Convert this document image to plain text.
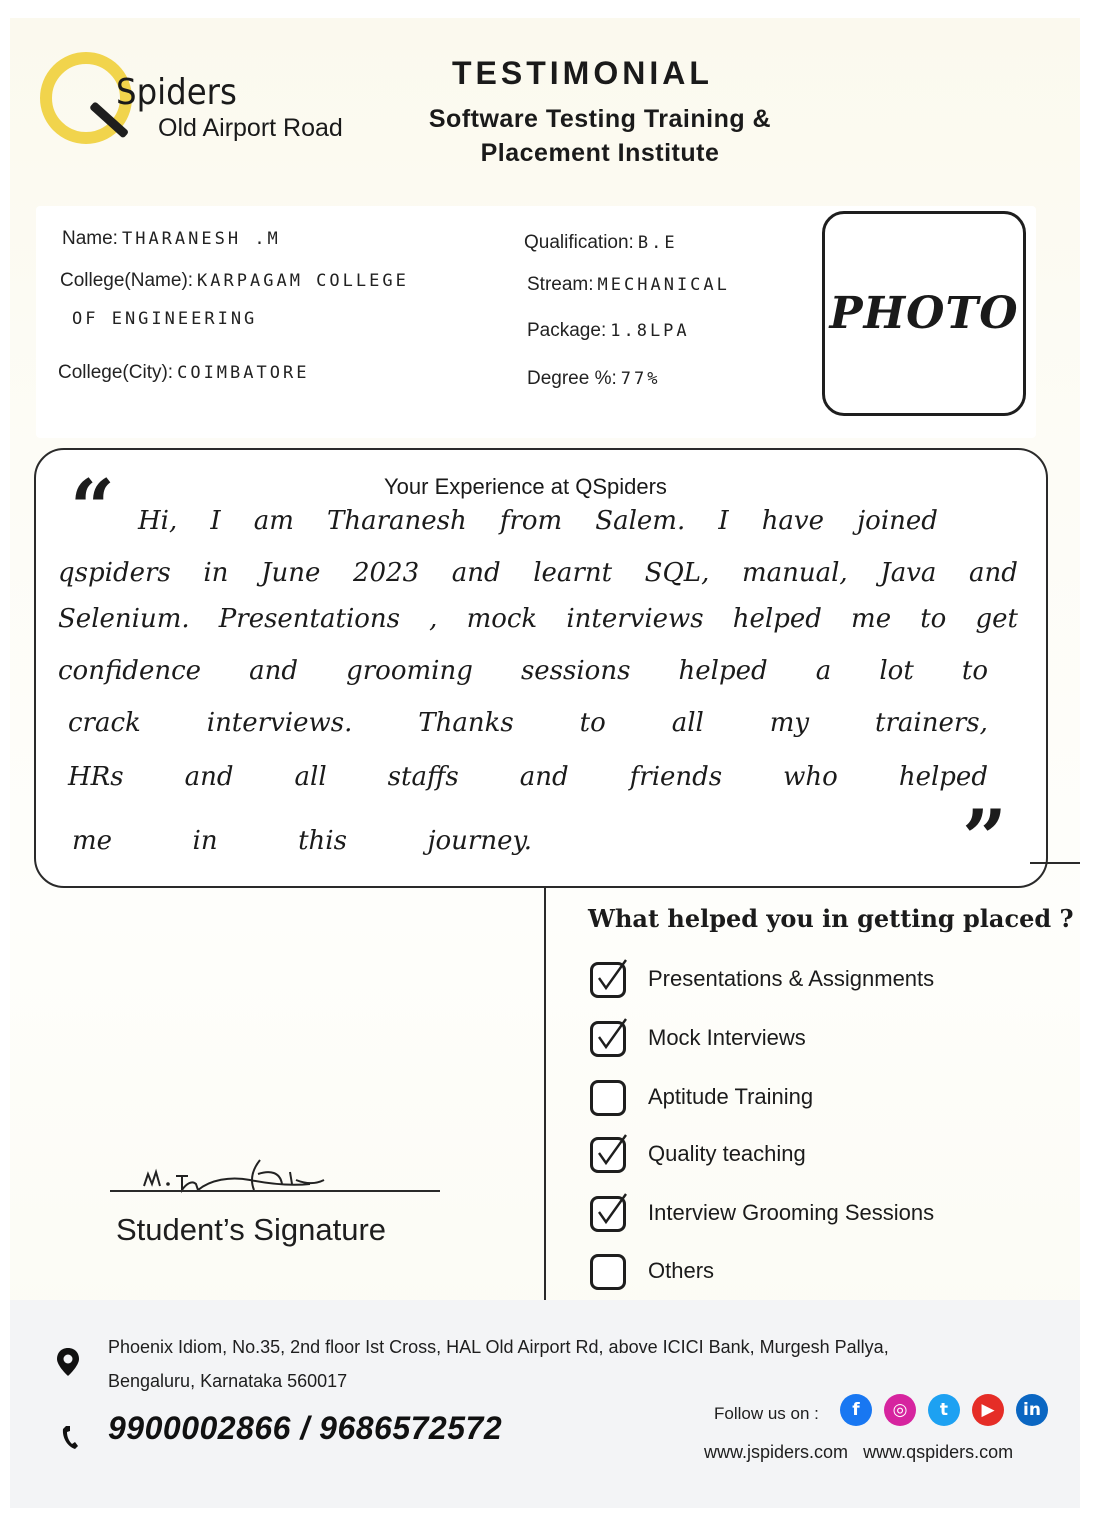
Spiders
Old Airport Road
TESTIMONIAL
Software Testing Training &
Placement Institute
Name: THARANESH .M
College(Name): KARPAGAM COLLEGE
OF ENGINEERING
College(City): COIMBATORE
Qualification: B.E
Stream: MECHANICAL
Package: 1.8LPA
Degree %: 77%
PHOTO
Your Experience at QSpiders
“
”
Hi, I am Tharanesh from Salem. I have joined
qspiders in June 2023 and learnt SQL, manual, Java and
Selenium. Presentations , mock interviews helped me to get
confidence and grooming sessions helped a lot to
crack	interviews.	Thanks	to	all	my	trainers,
HRs and all staffs and friends who helped
me	in	this	journey.
What helped you in getting placed ?
Presentations & Assignments
Mock Interviews
Aptitude Training
Quality teaching
Interview Grooming Sessions
Others
Student’s Signature
Phoenix Idiom, No.35, 2nd floor Ist Cross, HAL Old Airport Rd, above ICICI Bank, Murgesh Pallya,
Bengaluru, Karnataka 560017
9900002866 / 9686572572	Follow us on :	f	◎	t	▶	in
www.jspiders.com www.qspiders.com
